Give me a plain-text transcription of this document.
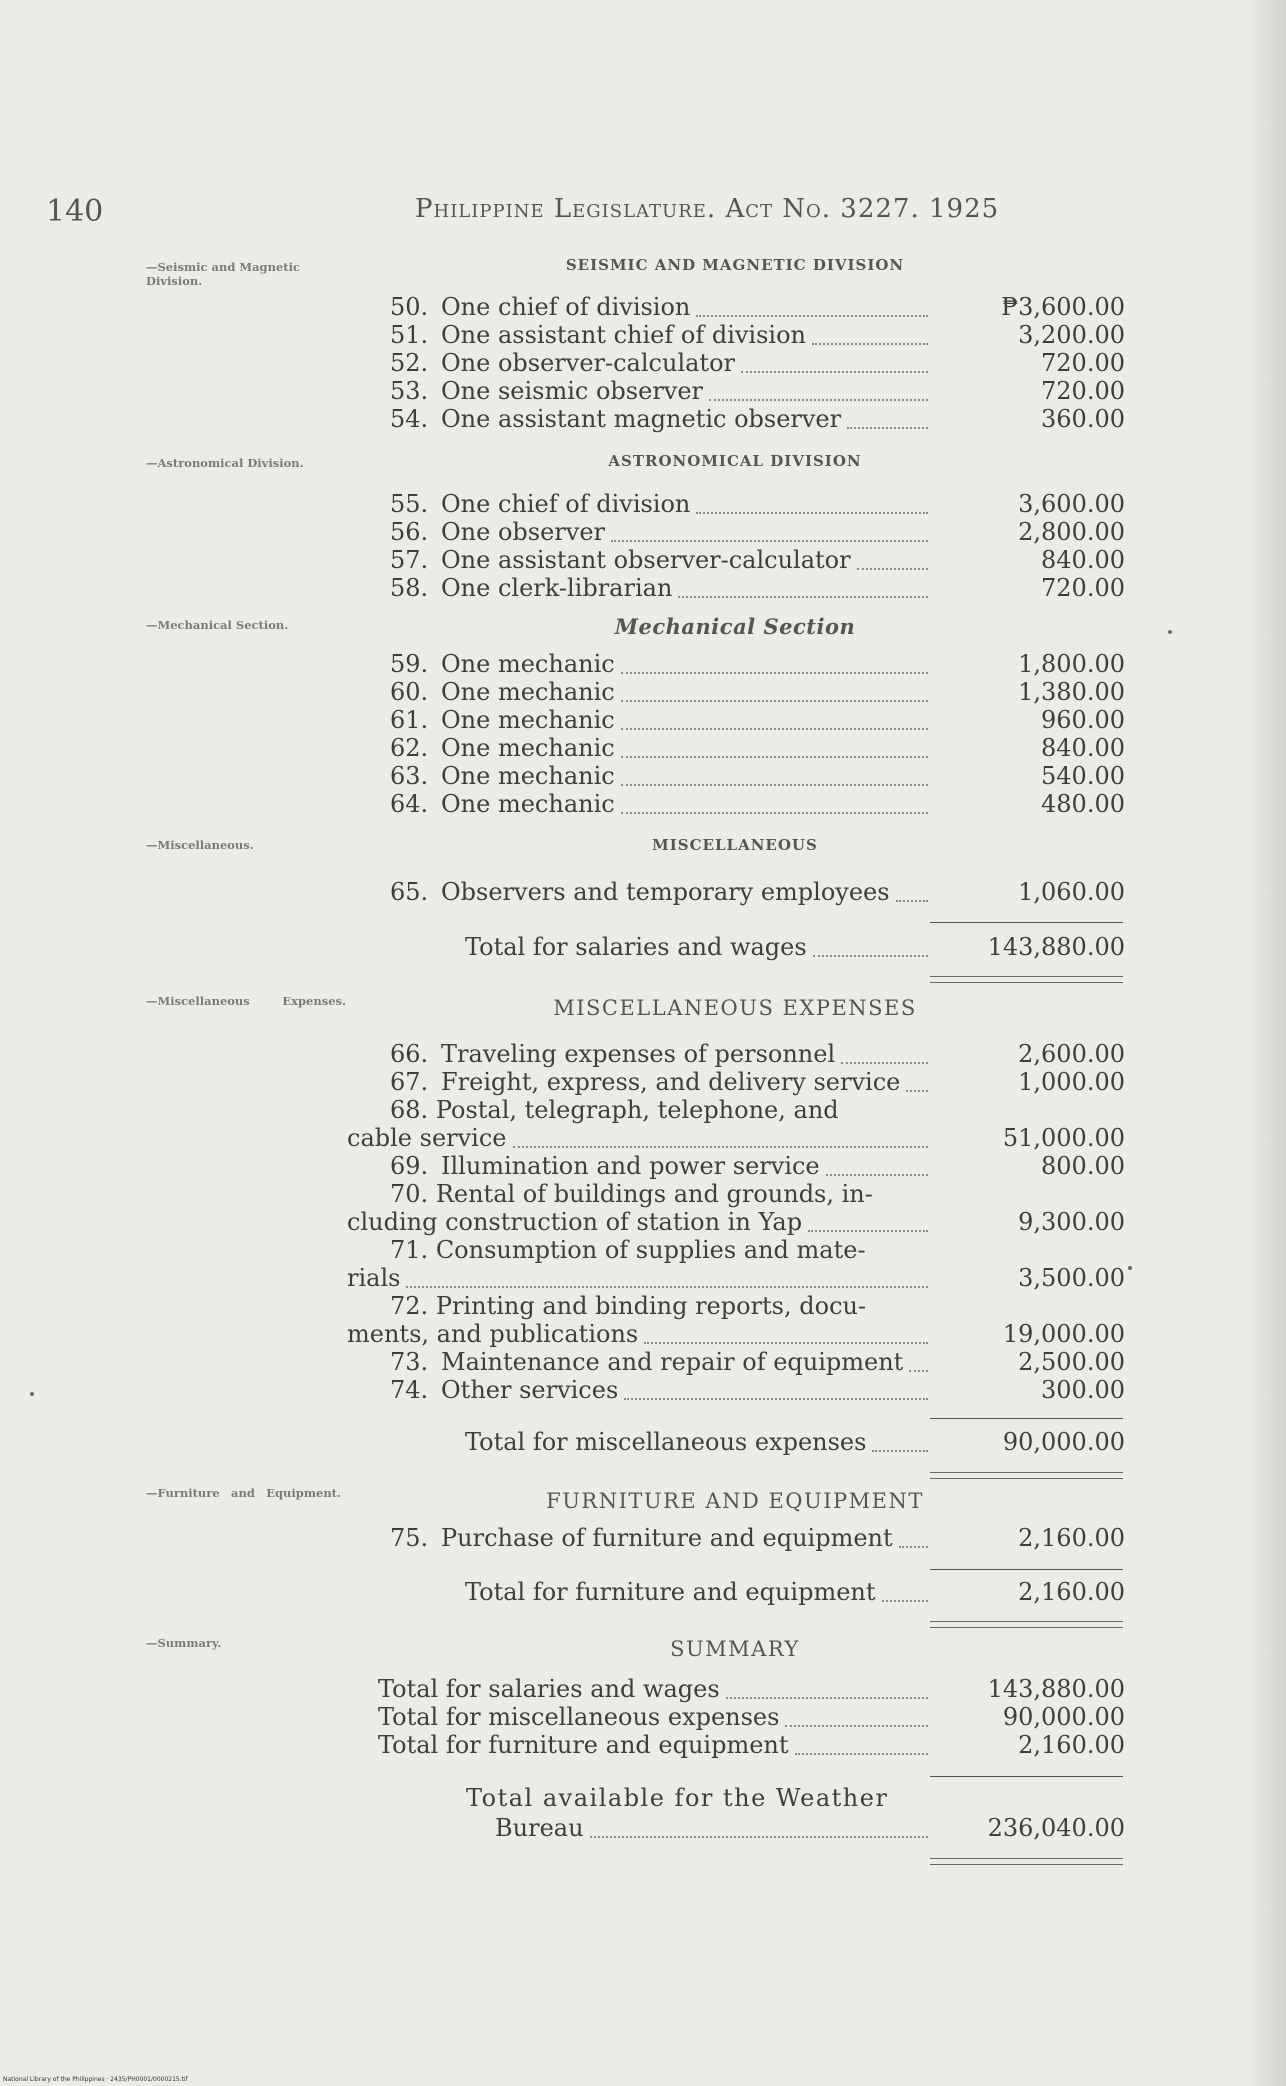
140	Philippine Legislature. Act No. 3227. 1925
—Seismic and Magnetic Division.
SEISMIC AND MAGNETIC DIVISION
50. One chief of division	₱3,600.00
51. One assistant chief of division	3,200.00
52. One observer-calculator	720.00
53. One seismic observer	720.00
54. One assistant magnetic observer	360.00
—Astronomical Division.	ASTRONOMICAL DIVISION
55. One chief of division	3,600.00
56. One observer	2,800.00
57. One assistant observer-calculator	840.00
58. One clerk-librarian	720.00
—Mechanical Section.	Mechanical Section
59. One mechanic	1,800.00
60. One mechanic	1,380.00
61. One mechanic	960.00
62. One mechanic	840.00
63. One mechanic	540.00
64. One mechanic	480.00
—Miscellaneous.	MISCELLANEOUS
65. Observers and temporary employees	1,060.00
Total for salaries and wages	143,880.00
—Miscellaneous Expenses.	MISCELLANEOUS EXPENSES
66. Traveling expenses of personnel	2,600.00
67. Freight, express, and delivery service	1,000.00
68. Postal, telegraph, telephone, and
cable service	51,000.00
69. Illumination and power service	800.00
70. Rental of buildings and grounds, in-
cluding construction of station in Yap	9,300.00
71. Consumption of supplies and mate-
rials	3,500.00
72. Printing and binding reports, docu-
ments, and publications	19,000.00
73. Maintenance and repair of equipment	2,500.00
74. Other services	300.00
Total for miscellaneous expenses	90,000.00
—Furniture and Equipment.	FURNITURE AND EQUIPMENT
75. Purchase of furniture and equipment	2,160.00
Total for furniture and equipment	2,160.00
—Summary.	SUMMARY
Total for salaries and wages	143,880.00
Total for miscellaneous expenses	90,000.00
Total for furniture and equipment	2,160.00
Total available for the Weather
Bureau	236,040.00
National Library of the Philippines · 2435/PH0001/0000215.tif
